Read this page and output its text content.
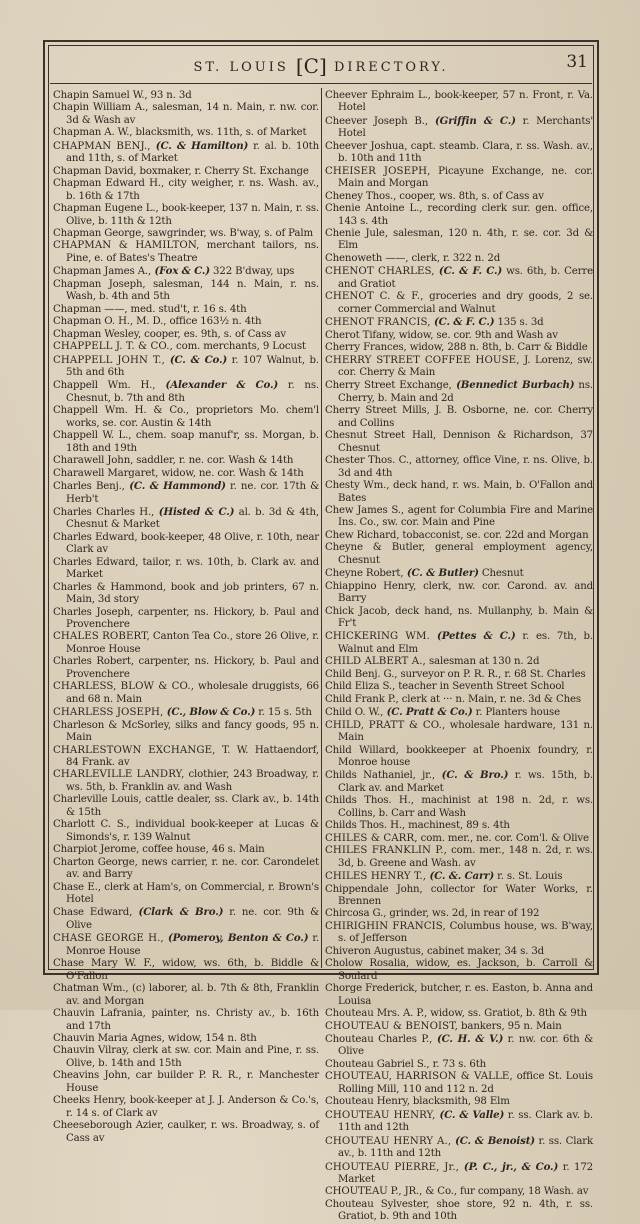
ST. LOUIS [C] DIRECTORY.	31

Chapin Samuel W., 93 n. 3d

Chapin William A., salesman, 14 n. Main, r. nw. cor. 3d & Wash av

Chapman A. W., blacksmith, ws. 11th, s. of Market

CHAPMAN BENJ., (C. & Hamilton) r. al. b. 10th and 11th, s. of Market

Chapman David, boxmaker, r. Cherry St. Exchange

Chapman Edward H., city weigher, r. ns. Wash. av., b. 16th & 17th

Chapman Eugene L., book-keeper, 137 n. Main, r. ss. Olive, b. 11th & 12th

Chapman George, sawgrinder, ws. B'way, s. of Palm

CHAPMAN & HAMILTON, merchant tailors, ns. Pine, e. of Bates's Theatre

Chapman James A., (Fox & C.) 322 B'dway, ups

Chapman Joseph, salesman, 144 n. Main, r. ns. Wash, b. 4th and 5th

Chapman ——, med. stud't, r. 16 s. 4th

Chapman O. H., M. D., office 163½ n. 4th

Chapman Wesley, cooper, es. 9th, s. of Cass av

CHAPPELL J. T. & CO., com. merchants, 9 Locust

CHAPPELL JOHN T., (C. & Co.) r. 107 Walnut, b. 5th and 6th

Chappell Wm. H., (Alexander & Co.) r. ns. Chesnut, b. 7th and 8th

Chappell Wm. H. & Co., proprietors Mo. chem'l works, se. cor. Austin & 14th

Chappell W. L., chem. soap manuf'r, ss. Morgan, b. 18th and 19th

Charawell John, saddler, r. ne. cor. Wash & 14th

Charawell Margaret, widow, ne. cor. Wash & 14th

Charles Benj., (C. & Hammond) r. ne. cor. 17th & Herb't

Charles Charles H., (Histed & C.) al. b. 3d & 4th, Chesnut & Market

Charles Edward, book-keeper, 48 Olive, r. 10th, near Clark av

Charles Edward, tailor, r. ws. 10th, b. Clark av. and Market

Charles & Hammond, book and job printers, 67 n. Main, 3d story

Charles Joseph, carpenter, ns. Hickory, b. Paul and Provenchere

CHALES ROBERT, Canton Tea Co., store 26 Olive, r. Monroe House

Charles Robert, carpenter, ns. Hickory, b. Paul and Provenchere

CHARLESS, BLOW & CO., wholesale druggists, 66 and 68 n. Main

CHARLESS JOSEPH, (C., Blow & Co.) r. 15 s. 5th

Charleson & McSorley, silks and fancy goods, 95 n. Main

CHARLESTOWN EXCHANGE, T. W. Hattaendorf, 84 Frank. av

CHARLEVILLE LANDRY, clothier, 243 Broadway, r. ws. 5th, b. Franklin av. and Wash

Charleville Louis, cattle dealer, ss. Clark av., b. 14th & 15th

Charlott C. S., individual book-keeper at Lucas & Simonds's, r. 139 Walnut

Charpiot Jerome, coffee house, 46 s. Main

Charton George, news carrier, r. ne. cor. Carondelet av. and Barry

Chase E., clerk at Ham's, on Commercial, r. Brown's Hotel

Chase Edward, (Clark & Bro.) r. ne. cor. 9th & Olive

CHASE GEORGE H., (Pomeroy, Benton & Co.) r. Monroe House

Chase Mary W. F., widow, ws. 6th, b. Biddle & O'Fallon

Chatman Wm., (c) laborer, al. b. 7th & 8th, Franklin av. and Morgan

Chauvin Lafrania, painter, ns. Christy av., b. 16th and 17th

Chauvin Maria Agnes, widow, 154 n. 8th

Chauvin Vilray, clerk at sw. cor. Main and Pine, r. ss. Olive, b. 14th and 15th

Cheavins John, car builder P. R. R., r. Manchester House

Cheeks Henry, book-keeper at J. J. Anderson & Co.'s, r. 14 s. of Clark av

Cheeseborough Azier, caulker, r. ws. Broadway, s. of Cass av

Cheever Ephraim L., book-keeper, 57 n. Front, r. Va. Hotel

Cheever Joseph B., (Griffin & C.) r. Merchants' Hotel

Cheever Joshua, capt. steamb. Clara, r. ss. Wash. av., b. 10th and 11th

CHEISER JOSEPH, Picayune Exchange, ne. cor. Main and Morgan

Cheney Thos., cooper, ws. 8th, s. of Cass av

Chenie Antoine L., recording clerk sur. gen. office, 143 s. 4th

Chenie Jule, salesman, 120 n. 4th, r. se. cor. 3d & Elm

Chenoweth ——, clerk, r. 322 n. 2d

CHENOT CHARLES, (C. & F. C.) ws. 6th, b. Cerre and Gratiot

CHENOT C. & F., groceries and dry goods, 2 se. corner Commercial and Walnut

CHENOT FRANCIS, (C. & F. C.) 135 s. 3d

Cherot Tifany, widow, se. cor. 9th and Wash av

Cherry Frances, widow, 288 n. 8th, b. Carr & Biddle

CHERRY STREET COFFEE HOUSE, J. Lorenz, sw. cor. Cherry & Main

Cherry Street Exchange, (Bennedict Burbach) ns. Cherry, b. Main and 2d

Cherry Street Mills, J. B. Osborne, ne. cor. Cherry and Collins

Chesnut Street Hall, Dennison & Richardson, 37 Chesnut

Chester Thos. C., attorney, office Vine, r. ns. Olive, b. 3d and 4th

Chesty Wm., deck hand, r. ws. Main, b. O'Fallon and Bates

Chew James S., agent for Columbia Fire and Marine Ins. Co., sw. cor. Main and Pine

Chew Richard, tobacconist, se. cor. 22d and Morgan

Cheyne & Butler, general employment agency, Chesnut

Cheyne Robert, (C. & Butler) Chesnut

Chiappino Henry, clerk, nw. cor. Carond. av. and Barry

Chick Jacob, deck hand, ns. Mullanphy, b. Main & Fr't

CHICKERING WM. (Pettes & C.) r. es. 7th, b. Walnut and Elm

CHILD ALBERT A., salesman at 130 n. 2d

Child Benj. G., surveyor on P. R. R., r. 68 St. Charles

Child Eliza S., teacher in Seventh Street School

Child Frank P., clerk at ··· n. Main, r. ne. 3d & Ches

Child O. W., (C. Pratt & Co.) r. Planters house

CHILD, PRATT & CO., wholesale hardware, 131 n. Main

Child Willard, bookkeeper at Phoenix foundry, r. Monroe house

Childs Nathaniel, jr., (C. & Bro.) r. ws. 15th, b. Clark av. and Market

Childs Thos. H., machinist at 198 n. 2d, r. ws. Collins, b. Carr and Wash

Childs Thos. H., machinest, 89 s. 4th

CHILES & CARR, com. mer., ne. cor. Com'l. & Olive

CHILES FRANKLIN P., com. mer., 148 n. 2d, r. ws. 3d, b. Greene and Wash. av

CHILES HENRY T., (C. &. Carr) r. s. St. Louis

Chippendale John, collector for Water Works, r. Brennen

Chircosa G., grinder, ws. 2d, in rear of 192

CHIRIGHIN FRANCIS, Columbus house, ws. B'way, s. of Jefferson

Chiveron Augustus, cabinet maker, 34 s. 3d

Cholow Rosalia, widow, es. Jackson, b. Carroll & Soulard

Chorge Frederick, butcher, r. es. Easton, b. Anna and Louisa

Chouteau Mrs. A. P., widow, ss. Gratiot, b. 8th & 9th

CHOUTEAU & BENOIST, bankers, 95 n. Main

Chouteau Charles P., (C. H. & V.) r. nw. cor. 6th & Olive

Chouteau Gabriel S., r. 73 s. 6th

CHOUTEAU, HARRISON & VALLE, office St. Louis Rolling Mill, 110 and 112 n. 2d

Chouteau Henry, blacksmith, 98 Elm

CHOUTEAU HENRY, (C. & Valle) r. ss. Clark av. b. 11th and 12th

CHOUTEAU HENRY A., (C. & Benoist) r. ss. Clark av., b. 11th and 12th

CHOUTEAU PIERRE, Jr., (P. C., jr., & Co.) r. 172 Market

CHOUTEAU P., JR., & Co., fur company, 18 Wash. av

Chouteau Sylvester, shoe store, 92 n. 4th, r. ss. Gratiot, b. 9th and 10th
